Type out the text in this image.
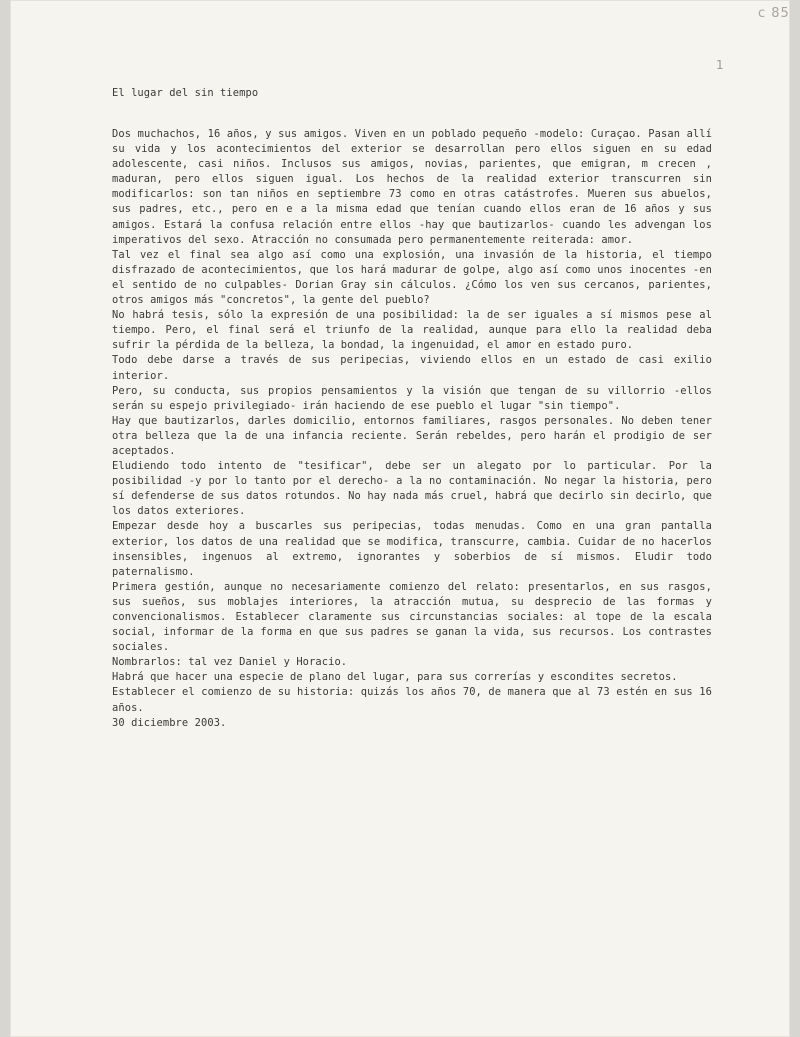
c 85
1

El lugar del sin tiempo

Dos muchachos, 16 años, y sus amigos. Viven en un poblado pequeño -modelo: Curaçao. Pasan allí su vida y los acontecimientos del exterior se desarrollan pero ellos siguen en su edad adolescente, casi niños. Inclusos sus amigos, novias, parientes, que emigran, m crecen , maduran, pero ellos siguen igual. Los hechos de la realidad exterior transcurren sin modificarlos: son tan niños en septiembre 73 como en otras catástrofes. Mueren sus abuelos, sus padres, etc., pero en e a la misma edad que tenían cuando ellos eran de 16 años y sus amigos. Estará la confusa relación entre ellos -hay que bautizarlos- cuando les advengan los imperativos del sexo. Atracción no consumada pero permanentemente reiterada: amor.

Tal vez el final sea algo así como una explosión, una invasión de la historia, el tiempo disfrazado de acontecimientos, que los hará madurar de golpe, algo así como unos inocentes -en el sentido de no culpables- Dorian Gray sin cálculos. ¿Cómo los ven sus cercanos, parientes, otros amigos más "concretos", la gente del pueblo?

No habrá tesis, sólo la expresión de una posibilidad: la de ser iguales a sí mismos pese al tiempo. Pero, el final será el triunfo de la realidad, aunque para ello la realidad deba sufrir la pérdida de la belleza, la bondad, la ingenuidad, el amor en estado puro.

Todo debe darse a través de sus peripecias, viviendo ellos en un estado de casi exilio interior.

Pero, su conducta, sus propios pensamientos y la visión que tengan de su villorrio -ellos serán su espejo privilegiado- irán haciendo de ese pueblo el lugar "sin tiempo".

Hay que bautizarlos, darles domicilio, entornos familiares, rasgos personales. No deben tener otra belleza que la de una infancia reciente. Serán rebeldes, pero harán el prodigio de ser aceptados.

Eludiendo todo intento de "tesificar", debe ser un alegato por lo particular. Por la posibilidad -y por lo tanto por el derecho- a la no contaminación. No negar la historia, pero sí defenderse de sus datos rotundos. No hay nada más cruel, habrá que decirlo sin decirlo, que los datos exteriores.

Empezar desde hoy a buscarles sus peripecias, todas menudas. Como en una gran pantalla exterior, los datos de una realidad que se modifica, transcurre, cambia. Cuidar de no hacerlos insensibles, ingenuos al extremo, ignorantes y soberbios de sí mismos. Eludir todo paternalismo.

Primera gestión, aunque no necesariamente comienzo del relato: presentarlos, en sus rasgos, sus sueños, sus moblajes interiores, la atracción mutua, su desprecio de las formas y convencionalismos. Establecer claramente sus circunstancias sociales: al tope de la escala social, informar de la forma en que sus padres se ganan la vida, sus recursos. Los contrastes sociales.

Nombrarlos: tal vez Daniel y Horacio.

Habrá que hacer una especie de plano del lugar, para sus correrías y escondites secretos.

Establecer el comienzo de su historia: quizás los años 70, de manera que al 73 estén en sus 16 años.

30 diciembre 2003.
